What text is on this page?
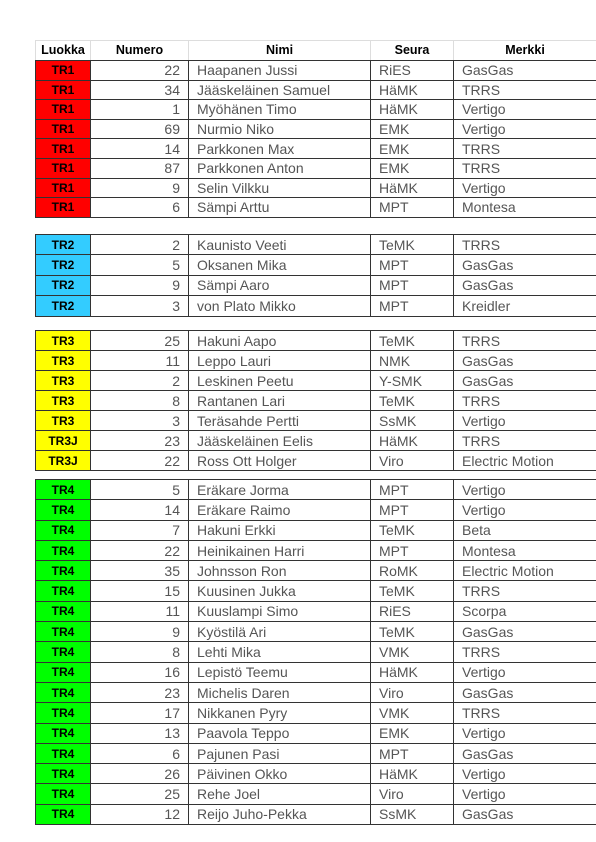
Luokka	Numero	Nimi	Seura	Merkki
TR1	22	Haapanen Jussi	RiES	GasGas
TR1	34	Jääskeläinen Samuel	HäMK	TRRS
TR1	1	Myöhänen Timo	HäMK	Vertigo
TR1	69	Nurmio Niko	EMK	Vertigo
TR1	14	Parkkonen Max	EMK	TRRS
TR1	87	Parkkonen Anton	EMK	TRRS
TR1	9	Selin Vilkku	HäMK	Vertigo
TR1	6	Sämpi Arttu	MPT	Montesa
TR2	2	Kaunisto Veeti	TeMK	TRRS
TR2	5	Oksanen Mika	MPT	GasGas
TR2	9	Sämpi Aaro	MPT	GasGas
TR2	3	von Plato Mikko	MPT	Kreidler
TR3	25	Hakuni Aapo	TeMK	TRRS
TR3	11	Leppo Lauri	NMK	GasGas
TR3	2	Leskinen Peetu	Y-SMK	GasGas
TR3	8	Rantanen Lari	TeMK	TRRS
TR3	3	Teräsahde Pertti	SsMK	Vertigo
TR3J	23	Jääskeläinen Eelis	HäMK	TRRS
TR3J	22	Ross Ott Holger	Viro	Electric Motion
TR4	5	Eräkare Jorma	MPT	Vertigo
TR4	14	Eräkare Raimo	MPT	Vertigo
TR4	7	Hakuni Erkki	TeMK	Beta
TR4	22	Heinikainen Harri	MPT	Montesa
TR4	35	Johnsson Ron	RoMK	Electric Motion
TR4	15	Kuusinen Jukka	TeMK	TRRS
TR4	11	Kuuslampi Simo	RiES	Scorpa
TR4	9	Kyöstilä Ari	TeMK	GasGas
TR4	8	Lehti Mika	VMK	TRRS
TR4	16	Lepistö Teemu	HäMK	Vertigo
TR4	23	Michelis Daren	Viro	GasGas
TR4	17	Nikkanen Pyry	VMK	TRRS
TR4	13	Paavola Teppo	EMK	Vertigo
TR4	6	Pajunen Pasi	MPT	GasGas
TR4	26	Päivinen Okko	HäMK	Vertigo
TR4	25	Rehe Joel	Viro	Vertigo
TR4	12	Reijo Juho-Pekka	SsMK	GasGas
